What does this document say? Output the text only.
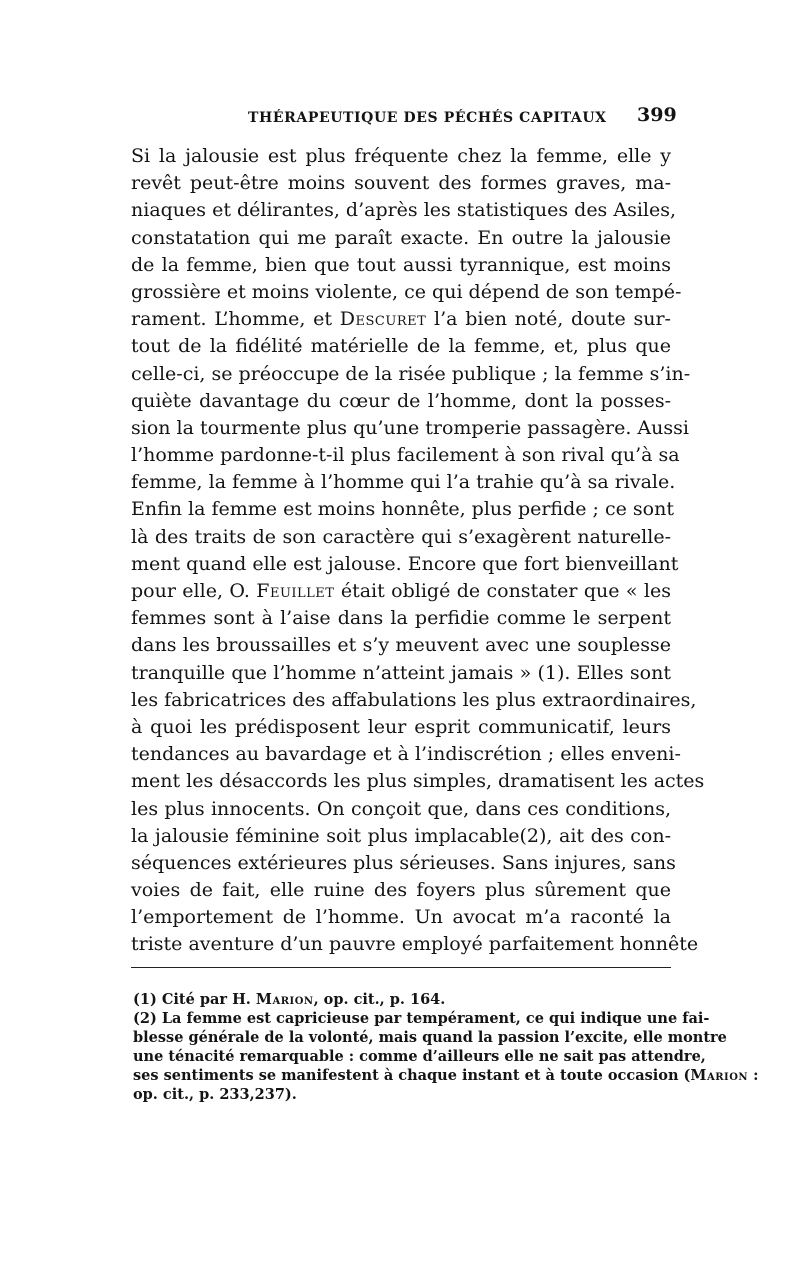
THÉRAPEUTIQUE DES PÉCHÉS CAPITAUX 399
Si la jalousie est plus fréquente chez la femme, elle y
revêt peut-être moins souvent des formes graves, ma-
niaques et délirantes, d’après les statistiques des Asiles,
constatation qui me paraît exacte. En outre la jalousie
de la femme, bien que tout aussi tyrannique, est moins
grossière et moins violente, ce qui dépend de son tempé-
rament. L’homme, et Descuret l’a bien noté, doute sur-
tout de la fidélité matérielle de la femme, et, plus que
celle-ci, se préoccupe de la risée publique ; la femme s’in-
quiète davantage du cœur de l’homme, dont la posses-
sion la tourmente plus qu’une tromperie passagère. Aussi
l’homme pardonne-t-il plus facilement à son rival qu’à sa
femme, la femme à l’homme qui l’a trahie qu’à sa rivale.
Enfin la femme est moins honnête, plus perfide ; ce sont
là des traits de son caractère qui s’exagèrent naturelle-
ment quand elle est jalouse. Encore que fort bienveillant
pour elle, O. Feuillet était obligé de constater que « les
femmes sont à l’aise dans la perfidie comme le serpent
dans les broussailles et s’y meuvent avec une souplesse
tranquille que l’homme n’atteint jamais » (1). Elles sont
les fabricatrices des affabulations les plus extraordinaires,
à quoi les prédisposent leur esprit communicatif, leurs
tendances au bavardage et à l’indiscrétion ; elles enveni-
ment les désaccords les plus simples, dramatisent les actes
les plus innocents. On conçoit que, dans ces conditions,
la jalousie féminine soit plus implacable(2), ait des con-
séquences extérieures plus sérieuses. Sans injures, sans
voies de fait, elle ruine des foyers plus sûrement que
l’emportement de l’homme. Un avocat m’a raconté la
triste aventure d’un pauvre employé parfaitement honnête
(1) Cité par H. Marion, op. cit., p. 164.
(2) La femme est capricieuse par tempérament, ce qui indique une fai-
blesse générale de la volonté, mais quand la passion l’excite, elle montre
une ténacité remarquable : comme d’ailleurs elle ne sait pas attendre,
ses sentiments se manifestent à chaque instant et à toute occasion (Marion :
op. cit., p. 233,237).
